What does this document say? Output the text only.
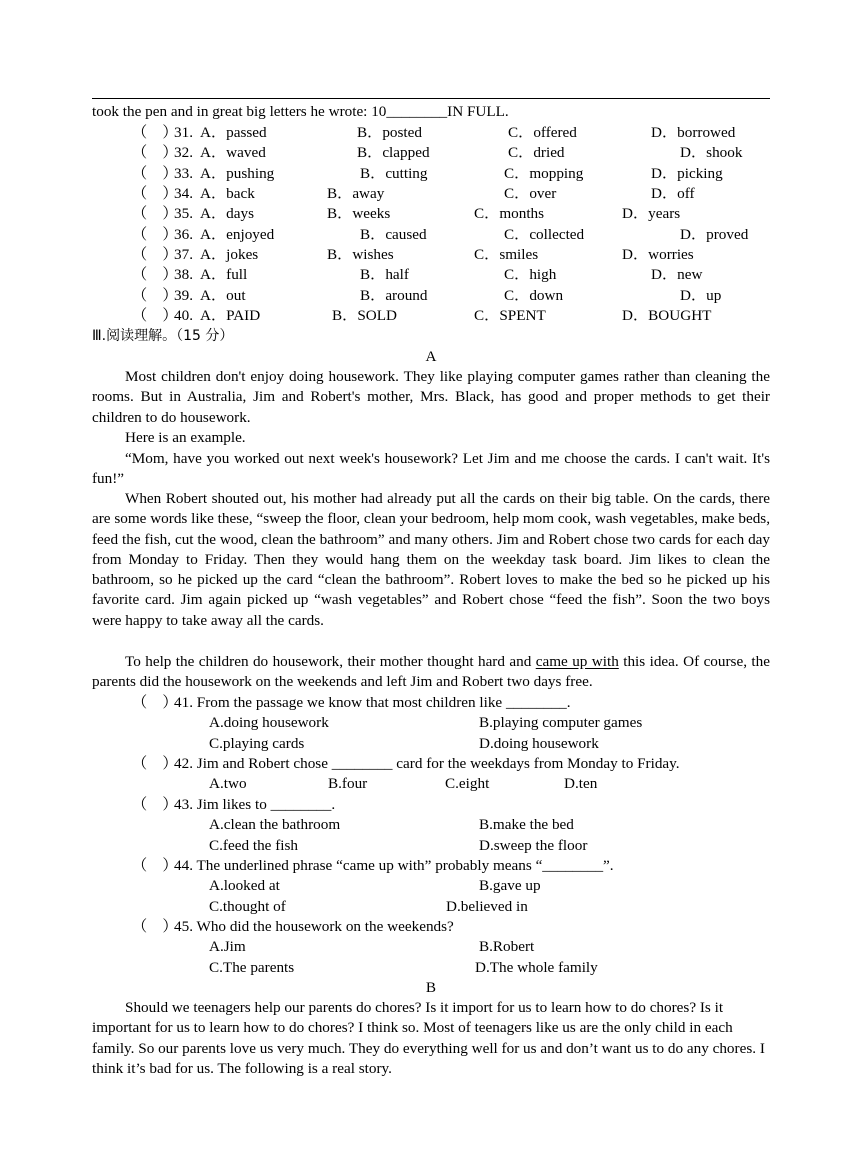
took the pen and in great big letters he wrote: 10________IN FULL.
（　）
31. A．passed	B．posted	C．offered	D．borrowed
（　）
32. A．waved	B．clapped	C．dried	D．shook
（　）
33. A．pushing	B．cutting	C．mopping	D．picking
（　）
34. A．back	B．away	C．over	D．off
（　）
35. A．days	B．weeks	C．months	D．years
（　）
36. A．enjoyed	B．caused	C．collected	D．proved
（　）
37. A．jokes	B．wishes	C．smiles	D．worries
（　）
38. A．full	B．half	C．high	D．new
（　）
39. A．out	B．around	C．down	D．up
（　）
40. A．PAID	B．SOLD	C．SPENT	D．BOUGHT
Ⅲ.阅读理解。（15 分）
A
Most children don't enjoy doing housework. They like playing computer games rather than cleaning the rooms. But in Australia, Jim and Robert's mother, Mrs. Black, has good and proper methods to get their children to do housework.
Here is an example.
“Mom, have you worked out next week's housework? Let Jim and me choose the cards. I can't wait. It's fun!”
When Robert shouted out, his mother had already put all the cards on their big table. On the cards, there are some words like these, “sweep the floor, clean your bedroom, help mom cook, wash vegetables, make beds, feed the fish, cut the wood, clean the bathroom” and many others. Jim and Robert chose two cards for each day from Monday to Friday. Then they would hang them on the weekday task board. Jim likes to clean the bathroom, so he picked up the card “clean the bathroom”. Robert loves to make the bed so he picked up his favorite card. Jim again picked up “wash vegetables” and Robert chose “feed the fish”. Soon the two boys were happy to take away all the cards.
To help the children do housework, their mother thought hard and came up with this idea. Of course, the parents did the housework on the weekends and left Jim and Robert two days free.
（　）
41. From the passage we know that most children like ________.
A.doing housework	B.playing computer games
C.playing cards	D.doing housework
（　）
42. Jim and Robert chose ________ card for the weekdays from Monday to Friday.
A.two	B.four	C.eight	D.ten
（　）
43. Jim likes to ________.
A.clean the bathroom	B.make the bed
C.feed the fish	D.sweep the floor
（　）
44. The underlined phrase “came up with” probably means “________”.
A.looked at	B.gave up
C.thought of	D.believed in
（　）
45. Who did the housework on the weekends?
A.Jim	B.Robert
C.The parents	D.The whole family
B
Should we teenagers help our parents do chores? Is it import for us to learn how to do chores? Is it important for us to learn how to do chores? I think so. Most of teenagers like us are the only child in each family. So our parents love us very much. They do everything well for us and don’t want us to do any chores. I think it’s bad for us. The following is a real story.
